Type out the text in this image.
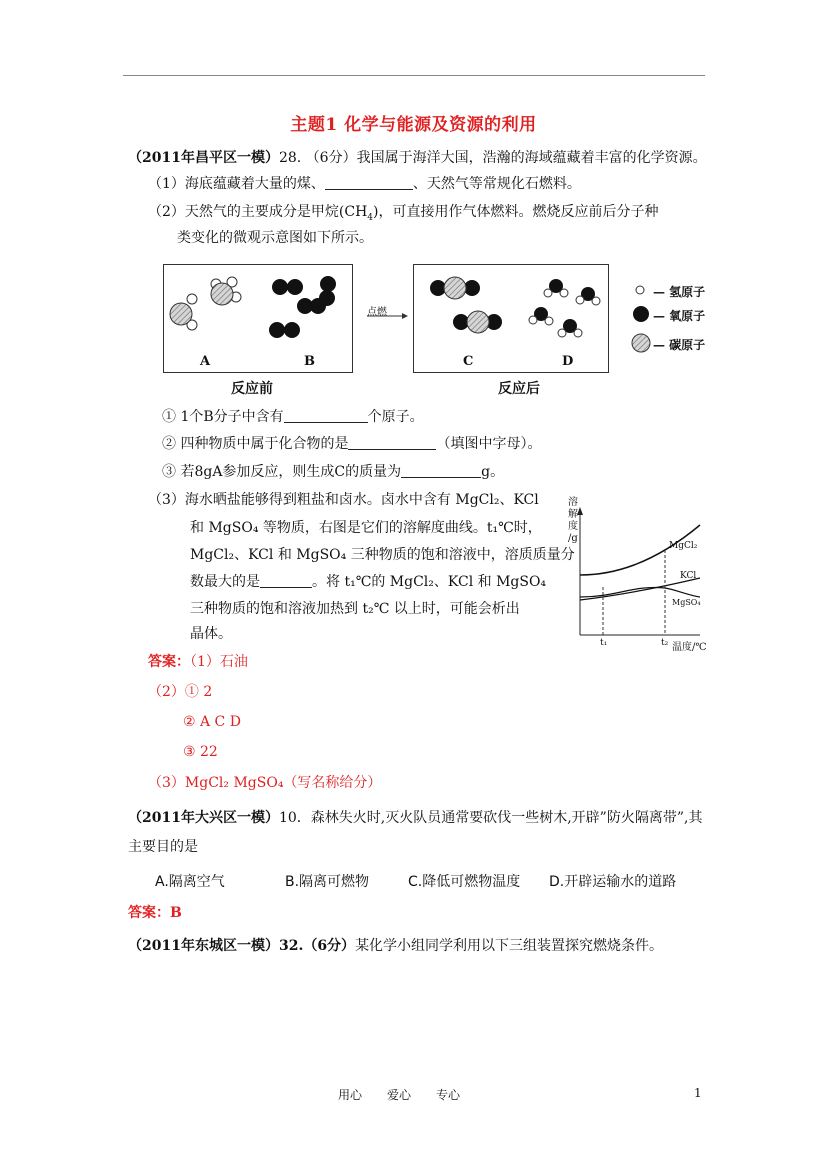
主题1 化学与能源及资源的利用
（2011年昌平区一模）28. （6分）我国属于海洋大国，浩瀚的海域蕴藏着丰富的化学资源。
（1）海底蕴藏着大量的煤、	、天然气等常规化石燃料。
（2）天然气的主要成分是甲烷$(CH_4)$，可直接用作气体燃料。燃烧反应前后分子种
类变化的微观示意图如下所示。
A	B	C	D
点燃
反应前	反应后
— 氢原子
— 氧原子
— 碳原子
① 1个B分子中含有	个原子。
② 四种物质中属于化合物的是	（填图中字母）。
③ 若8gA参加反应，则生成C的质量为	g。
（3）海水晒盐能够得到粗盐和卤水。卤水中含有 MgCl₂、KCl
和 MgSO₄ 等物质，右图是它们的溶解度曲线。t₁℃时，
MgCl₂、KCl 和 MgSO₄ 三种物质的饱和溶液中，溶质质量分
数最大的是	。将 t₁℃的 MgCl₂、KCl 和 MgSO₄
三种物质的饱和溶液加热到 t₂℃ 以上时，可能会析出
晶体。
溶
解
度
/g
温度/℃
t₁	t₂
MgCl₂
KCl
MgSO₄
答案：（1）石油
（2）① 2
② A C D
③ 22
（3）MgCl₂ MgSO₄（写名称给分）
（2011年大兴区一模）10．森林失火时,灭火队员通常要砍伐一些树木,开辟”防火隔离带”,其
主要目的是
A.隔离空气	B.隔离可燃物	C.降低可燃物温度 D.开辟运输水的道路
答案：B
（2011年东城区一模）32.（6分）某化学小组同学利用以下三组装置探究燃烧条件。
用心 爱心 专心	1
